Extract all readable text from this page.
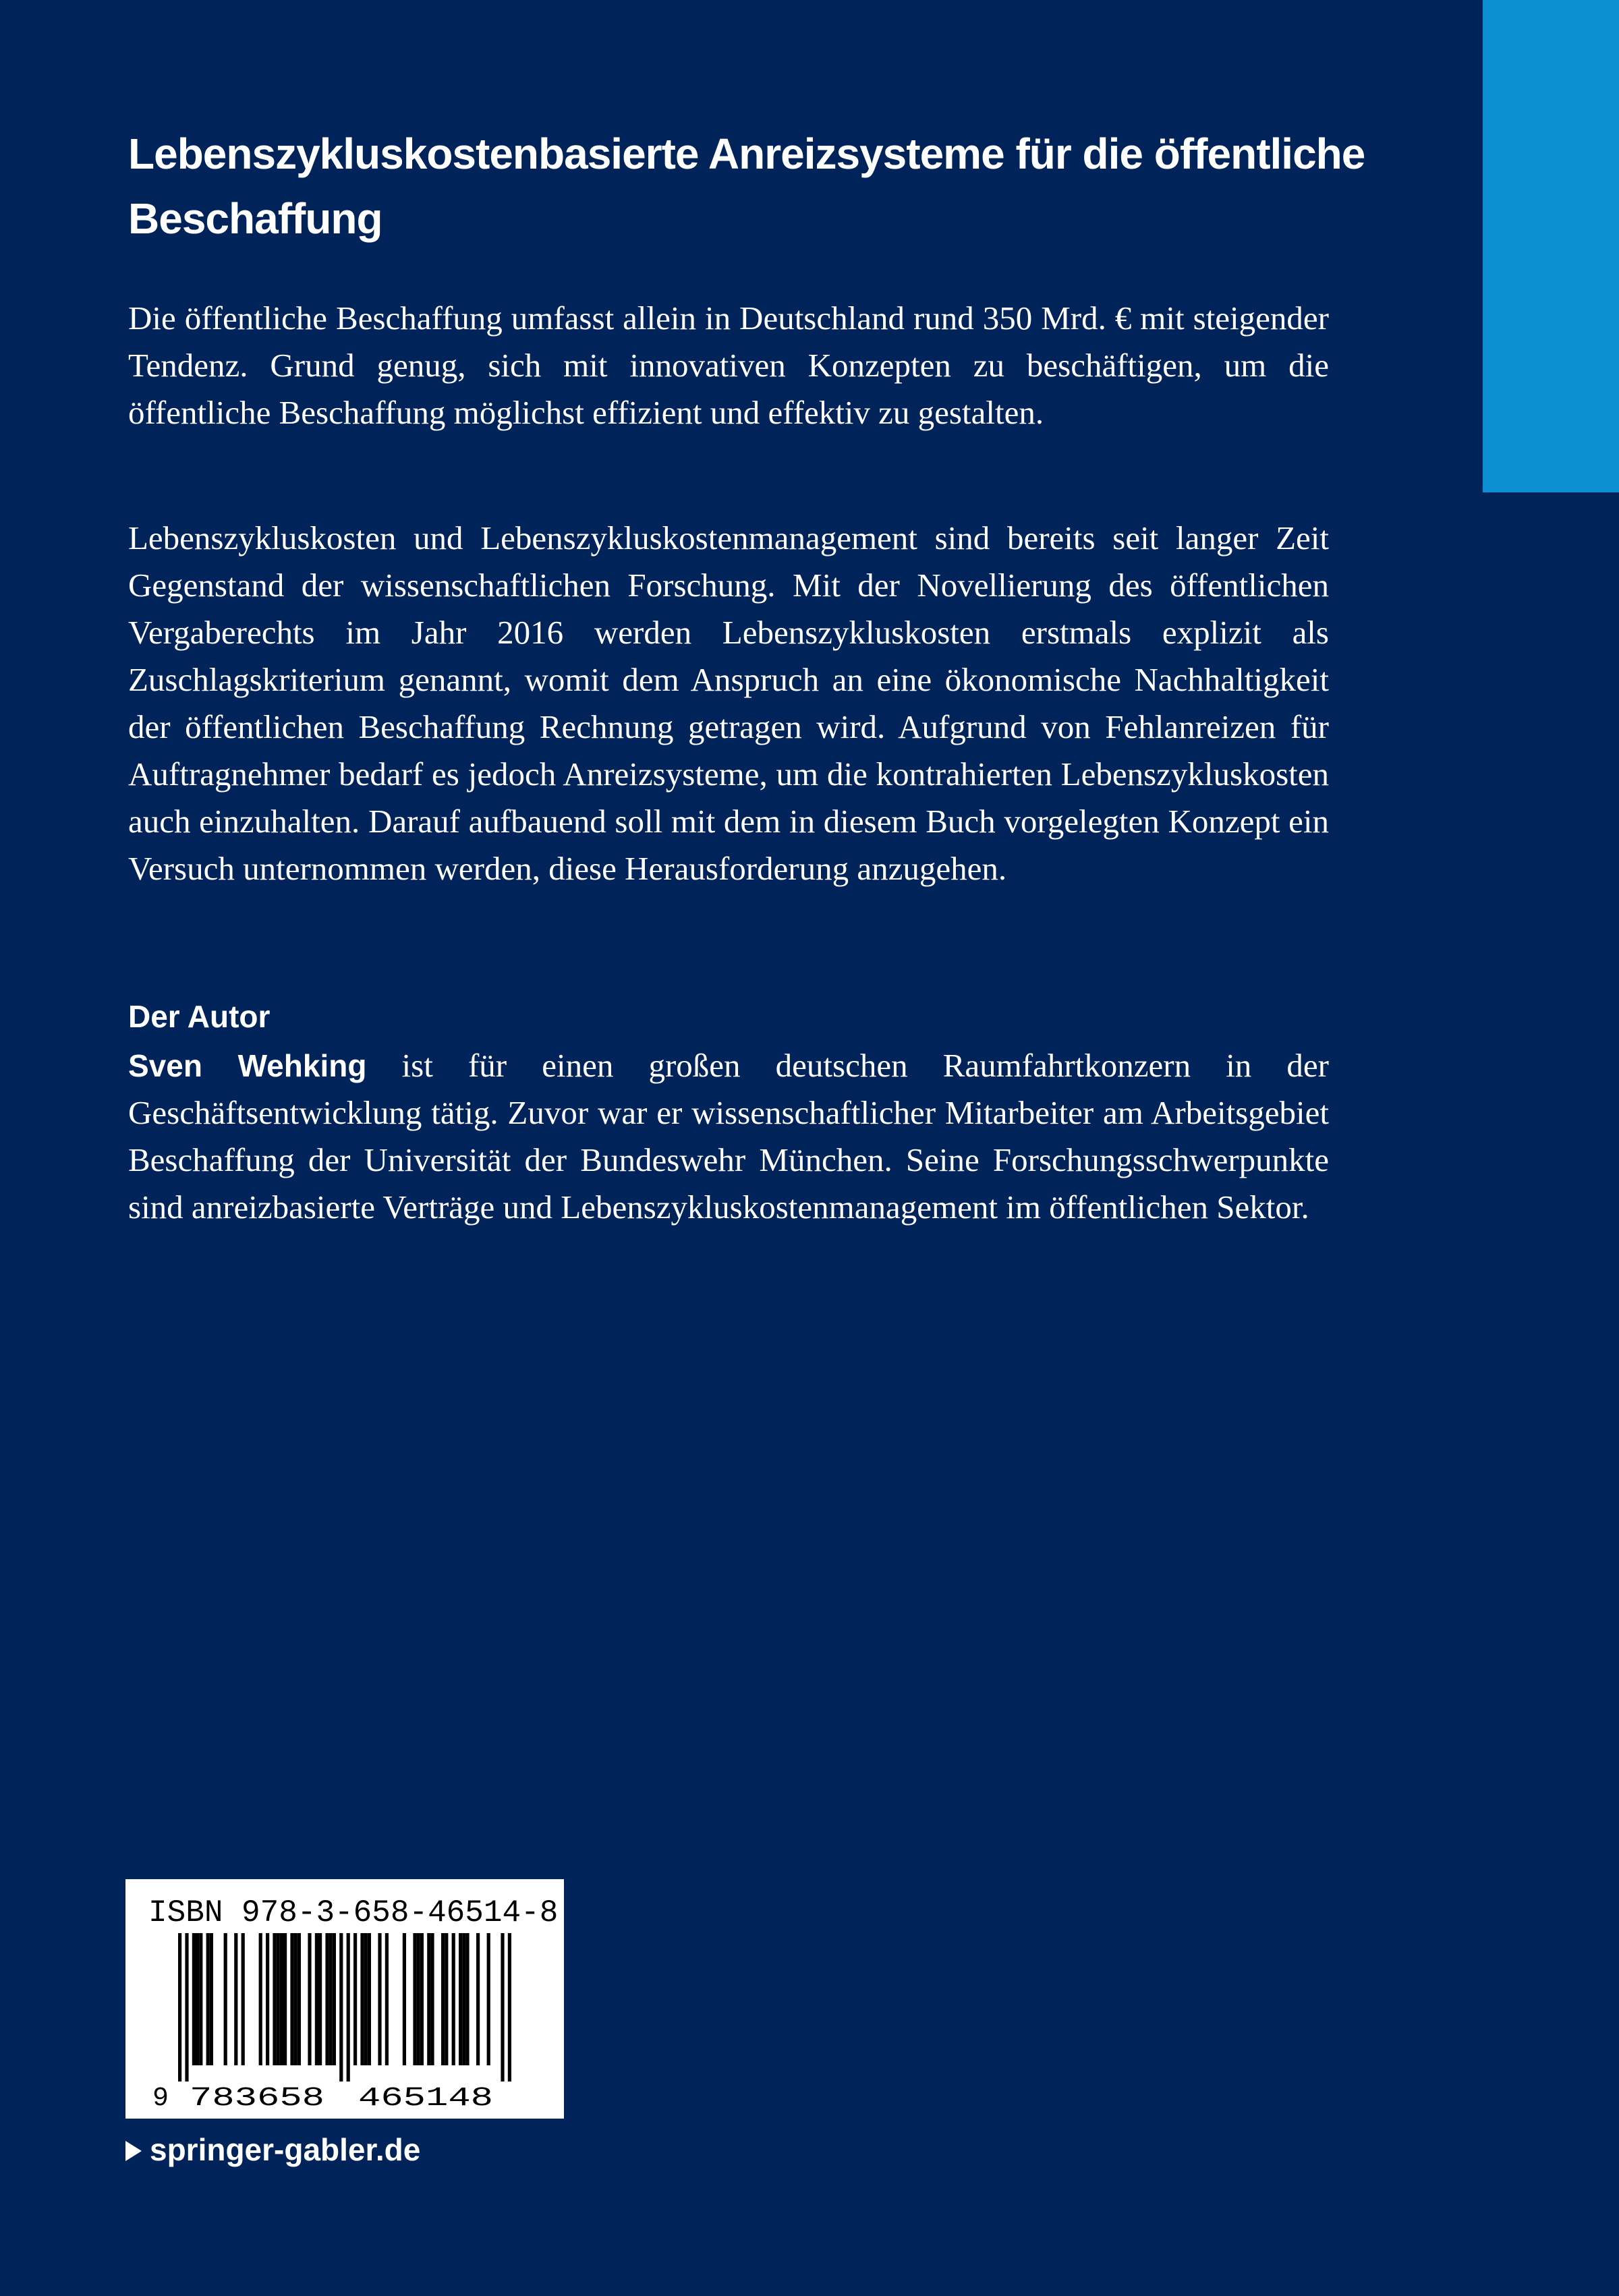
Lebenszykluskostenbasierte Anreizsysteme für die öffentliche Beschaffung

Die öffentliche Beschaffung umfasst allein in Deutschland rund 350 Mrd. € mit steigender Tendenz. Grund genug, sich mit innovativen Konzepten zu beschäftigen, um die öffentliche Beschaffung möglichst effizient und effektiv zu gestalten.

Lebenszykluskosten und Lebenszykluskostenmanagement sind bereits seit langer Zeit Gegenstand der wissenschaftlichen Forschung. Mit der Novellierung des öffentlichen Vergaberechts im Jahr 2016 werden Lebenszykluskosten erstmals explizit als Zuschlagskriterium genannt, womit dem Anspruch an eine ökonomische Nachhaltigkeit der öffentlichen Beschaffung Rechnung getragen wird. Aufgrund von Fehlanreizen für Auftragnehmer bedarf es jedoch Anreizsysteme, um die kontrahierten Lebenszykluskosten auch einzuhalten. Darauf aufbauend soll mit dem in diesem Buch vorgelegten Konzept ein Versuch unternommen werden, diese Herausforderung anzugehen.

Der Autor

Sven Wehking ist für einen großen deutschen Raumfahrtkonzern in der Geschäftsentwicklung tätig. Zuvor war er wissenschaftlicher Mitarbeiter am Arbeitsgebiet Beschaffung der Universität der Bundeswehr München. Seine Forschungsschwerpunkte sind anreizbasierte Verträge und Lebenszykluskostenmanagement im öffentlichen Sektor.

ISBN 978-3-658-46514-8
9 783658 465148
springer-gabler.de
